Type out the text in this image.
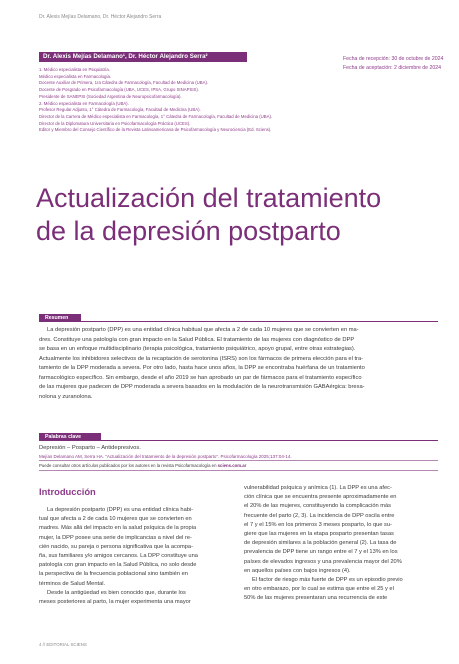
Dr. Alexis Mejías Delamano, Dr. Héctor Alejandro Serra
Dr. Alexis Mejías Delamano¹, Dr. Héctor Alejandro Serra²	Fecha de recepción: 30 de octubre de 2024
Fecha de aceptación: 2 diciembre de 2024
1. Médico especialista en Psiquiatría.
Médico especialista en Farmacología.
Docente Auxiliar de Primera, 1ra Cátedra de Farmacología, Facultad de Medicina (UBA).
Docente de Posgrado en Psicofarmacología (UBA, UCES, IPSA, Grupo SINAPSIS).
Presidente de SANEPSI (Sociedad Argentina de Neuropsicofarmacología).
2. Médico especialista en Farmacología (UBA).
Profesor Regular Adjunto, 1° Cátedra de Farmacología, Facultad de Medicina (UBA).
Director de la Carrera de Médico especialista en Farmacología, 1° Cátedra de Farmacología, Facultad de Medicina (UBA).
Director de la Diplomatura Universitaria en Psicofarmacología Práctica (UCES).
Editor y Miembro del Consejo Científico de la Revista Latinoamericana de Psicofarmacología y Neurociencia (Ed. Sciens).
Actualización del tratamiento
de la depresión postparto
Resumen
La depresión postparto (DPP) es una entidad clínica habitual que afecta a 2 de cada 10 mujeres que se convierten en ma-
dres. Constituye una patología con gran impacto en la Salud Pública. El tratamiento de las mujeres con diagnóstico de DPP
se basa en un enfoque multidisciplinario (terapia psicológica, tratamiento psiquiátrico, apoyo grupal, entre otras estrategias).
Actualmente los inhibidores selectivos de la recaptación de serotonina (ISRS) son los fármacos de primera elección para el tra-
tamiento de la DPP moderada a severa. Por otro lado, hasta hace unos años, la DPP se encontraba huérfana de un tratamiento
farmacológico específico. Sin embargo, desde el año 2019 se han aprobado un par de fármacos para el tratamiento específico
de las mujeres que padecen de DPP moderada a severa basados en la modulación de la neurotransmisión GABAérgica: brexa-
nolona y zuranolona.
Palabras clave
Depresión – Posparto – Antidepresivos.
Mejías Delamano AM, Serra HA. "Actualización del tratamiento de la depresión postparto". Psicofarmacología 2025;137:04-14.
Puede consultar otros artículos publicados por los autores en la revista Psicofarmacología en sciens.com.ar
Introducción
La depresión postparto (DPP) es una entidad clínica habi-
tual que afecta a 2 de cada 10 mujeres que se convierten en
madres. Más allá del impacto en la salud psíquica de la propia
mujer, la DPP posee una serie de implicancias a nivel del re-
cién nacido, su pareja o persona significativa que la acompa-
ña, sus familiares y/o amigos cercanos. La DPP constituye una
patología con gran impacto en la Salud Pública, no solo desde
la perspectiva de la frecuencia poblacional sino también en
términos de Salud Mental.
Desde la antigüedad es bien conocido que, durante los
meses posteriores al parto, la mujer experimenta una mayor
vulnerabilidad psíquica y anímica (1). La DPP es una afec-
ción clínica que se encuentra presente aproximadamente en
el 20% de las mujeres, constituyendo la complicación más
frecuente del parto (2, 3). La incidencia de DPP oscila entre
el 7 y el 15% en los primeros 3 meses posparto, lo que su-
giere que las mujeres en la etapa posparto presentan tasas
de depresión similares a la población general (2). La tasa de
prevalencia de DPP tiene un rango entre el 7 y el 13% en los
países de elevados ingresos y una prevalencia mayor del 20%
en aquellos países con bajos ingresos (4).
El factor de riesgo más fuerte de DPP es un episodio previo
en otro embarazo, por lo cual se estima que entre el 25 y el
50% de las mujeres presentaran una recurrencia de este
4 // EDITORIAL SCIENS
